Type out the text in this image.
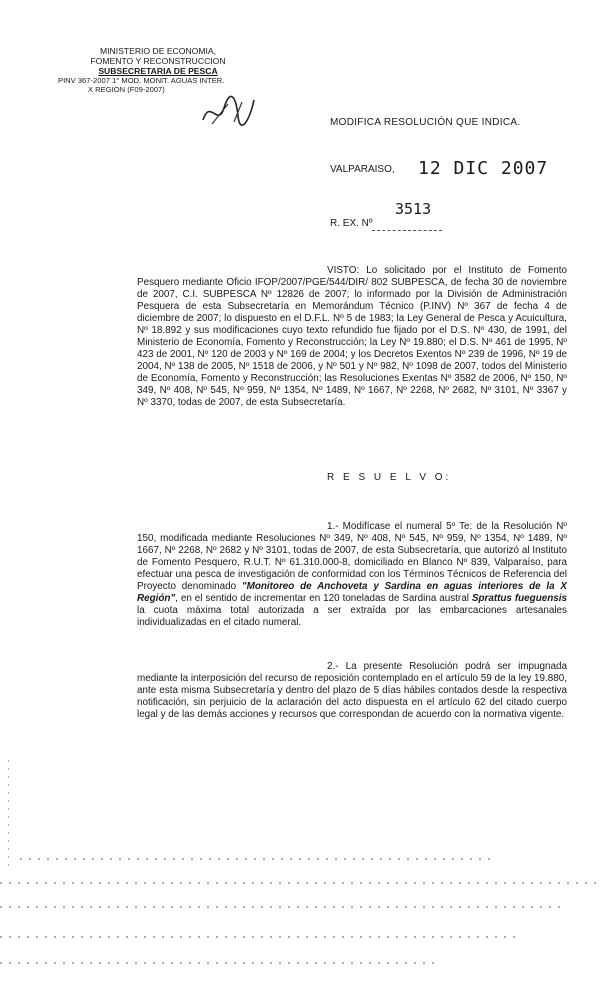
MINISTERIO DE ECONOMIA,
FOMENTO Y RECONSTRUCCION
SUBSECRETARIA DE PESCA
PINV 367-2007 1° MOD. MONIT. AGUAS INTER.
X REGION (F09-2007)
MODIFICA RESOLUCIÓN QUE INDICA.
VALPARAISO, 12 DIC 2007
3513
R. EX. Nº
VISTO: Lo solicitado por el Instituto de Fomento Pesquero mediante Oficio IFOP/2007/PGE/544/DIR/ 802 SUBPESCA, de fecha 30 de noviembre de 2007, C.I. SUBPESCA Nº 12826 de 2007; lo informado por la División de Administración Pesquera de esta Subsecretaría en Memorándum Técnico (P.INV) Nº 367 de fecha 4 de diciembre de 2007; lo dispuesto en el D.F.L. Nº 5 de 1983; la Ley General de Pesca y Acuicultura, Nº 18.892 y sus modificaciones cuyo texto refundido fue fijado por el D.S. Nº 430, de 1991, del Ministerio de Economía, Fomento y Reconstrucción; la Ley Nº 19.880; el D.S. Nº 461 de 1995, Nº 423 de 2001, Nº 120 de 2003 y Nº 169 de 2004; y los Decretos Exentos Nº 239 de 1996, Nº 19 de 2004, Nº 138 de 2005, Nº 1518 de 2006, y Nº 501 y Nº 982, Nº 1098 de 2007, todos del Ministerio de Economía, Fomento y Reconstrucción; las Resoluciones Exentas Nº 3582 de 2006, Nº 150, Nº 349, Nº 408, Nº 545, Nº 959, Nº 1354, Nº 1489, Nº 1667, Nº 2268, Nº 2682, Nº 3101, Nº 3367 y Nº 3370, todas de 2007, de esta Subsecretaría.
R E S U E L V O:
1.- Modifícase el numeral 5º Te: de la Resolución Nº 150, modificada mediante Resoluciones Nº 349, Nº 408, Nº 545, Nº 959, Nº 1354, Nº 1489, Nº 1667, Nº 2268, Nº 2682 y Nº 3101, todas de 2007, de esta Subsecretaría, que autorizó al Instituto de Fomento Pesquero, R.U.T. Nº 61.310.000-8, domiciliado en Blanco Nº 839, Valparaíso, para efectuar una pesca de investigación de conformidad con los Términos Técnicos de Referencia del Proyecto denominado "Monitoreo de Anchoveta y Sardina en aguas interiores de la X Región", en el sentido de incrementar en 120 toneladas de Sardina austral Sprattus fueguensis la cuota máxima total autorizada a ser extraída por las embarcaciones artesanales individualizadas en el citado numeral.
2.- La presente Resolución podrá ser impugnada mediante la interposición del recurso de reposición contemplado en el artículo 59 de la ley 19.880, ante esta misma Subsecretaría y dentro del plazo de 5 días hábiles contados desde la respectiva notificación, sin perjuicio de la aclaración del acto dispuesta en el artículo 62 del citado cuerpo legal y de las demás acciones y recursos que correspondan de acuerdo con la normativa vigente.
